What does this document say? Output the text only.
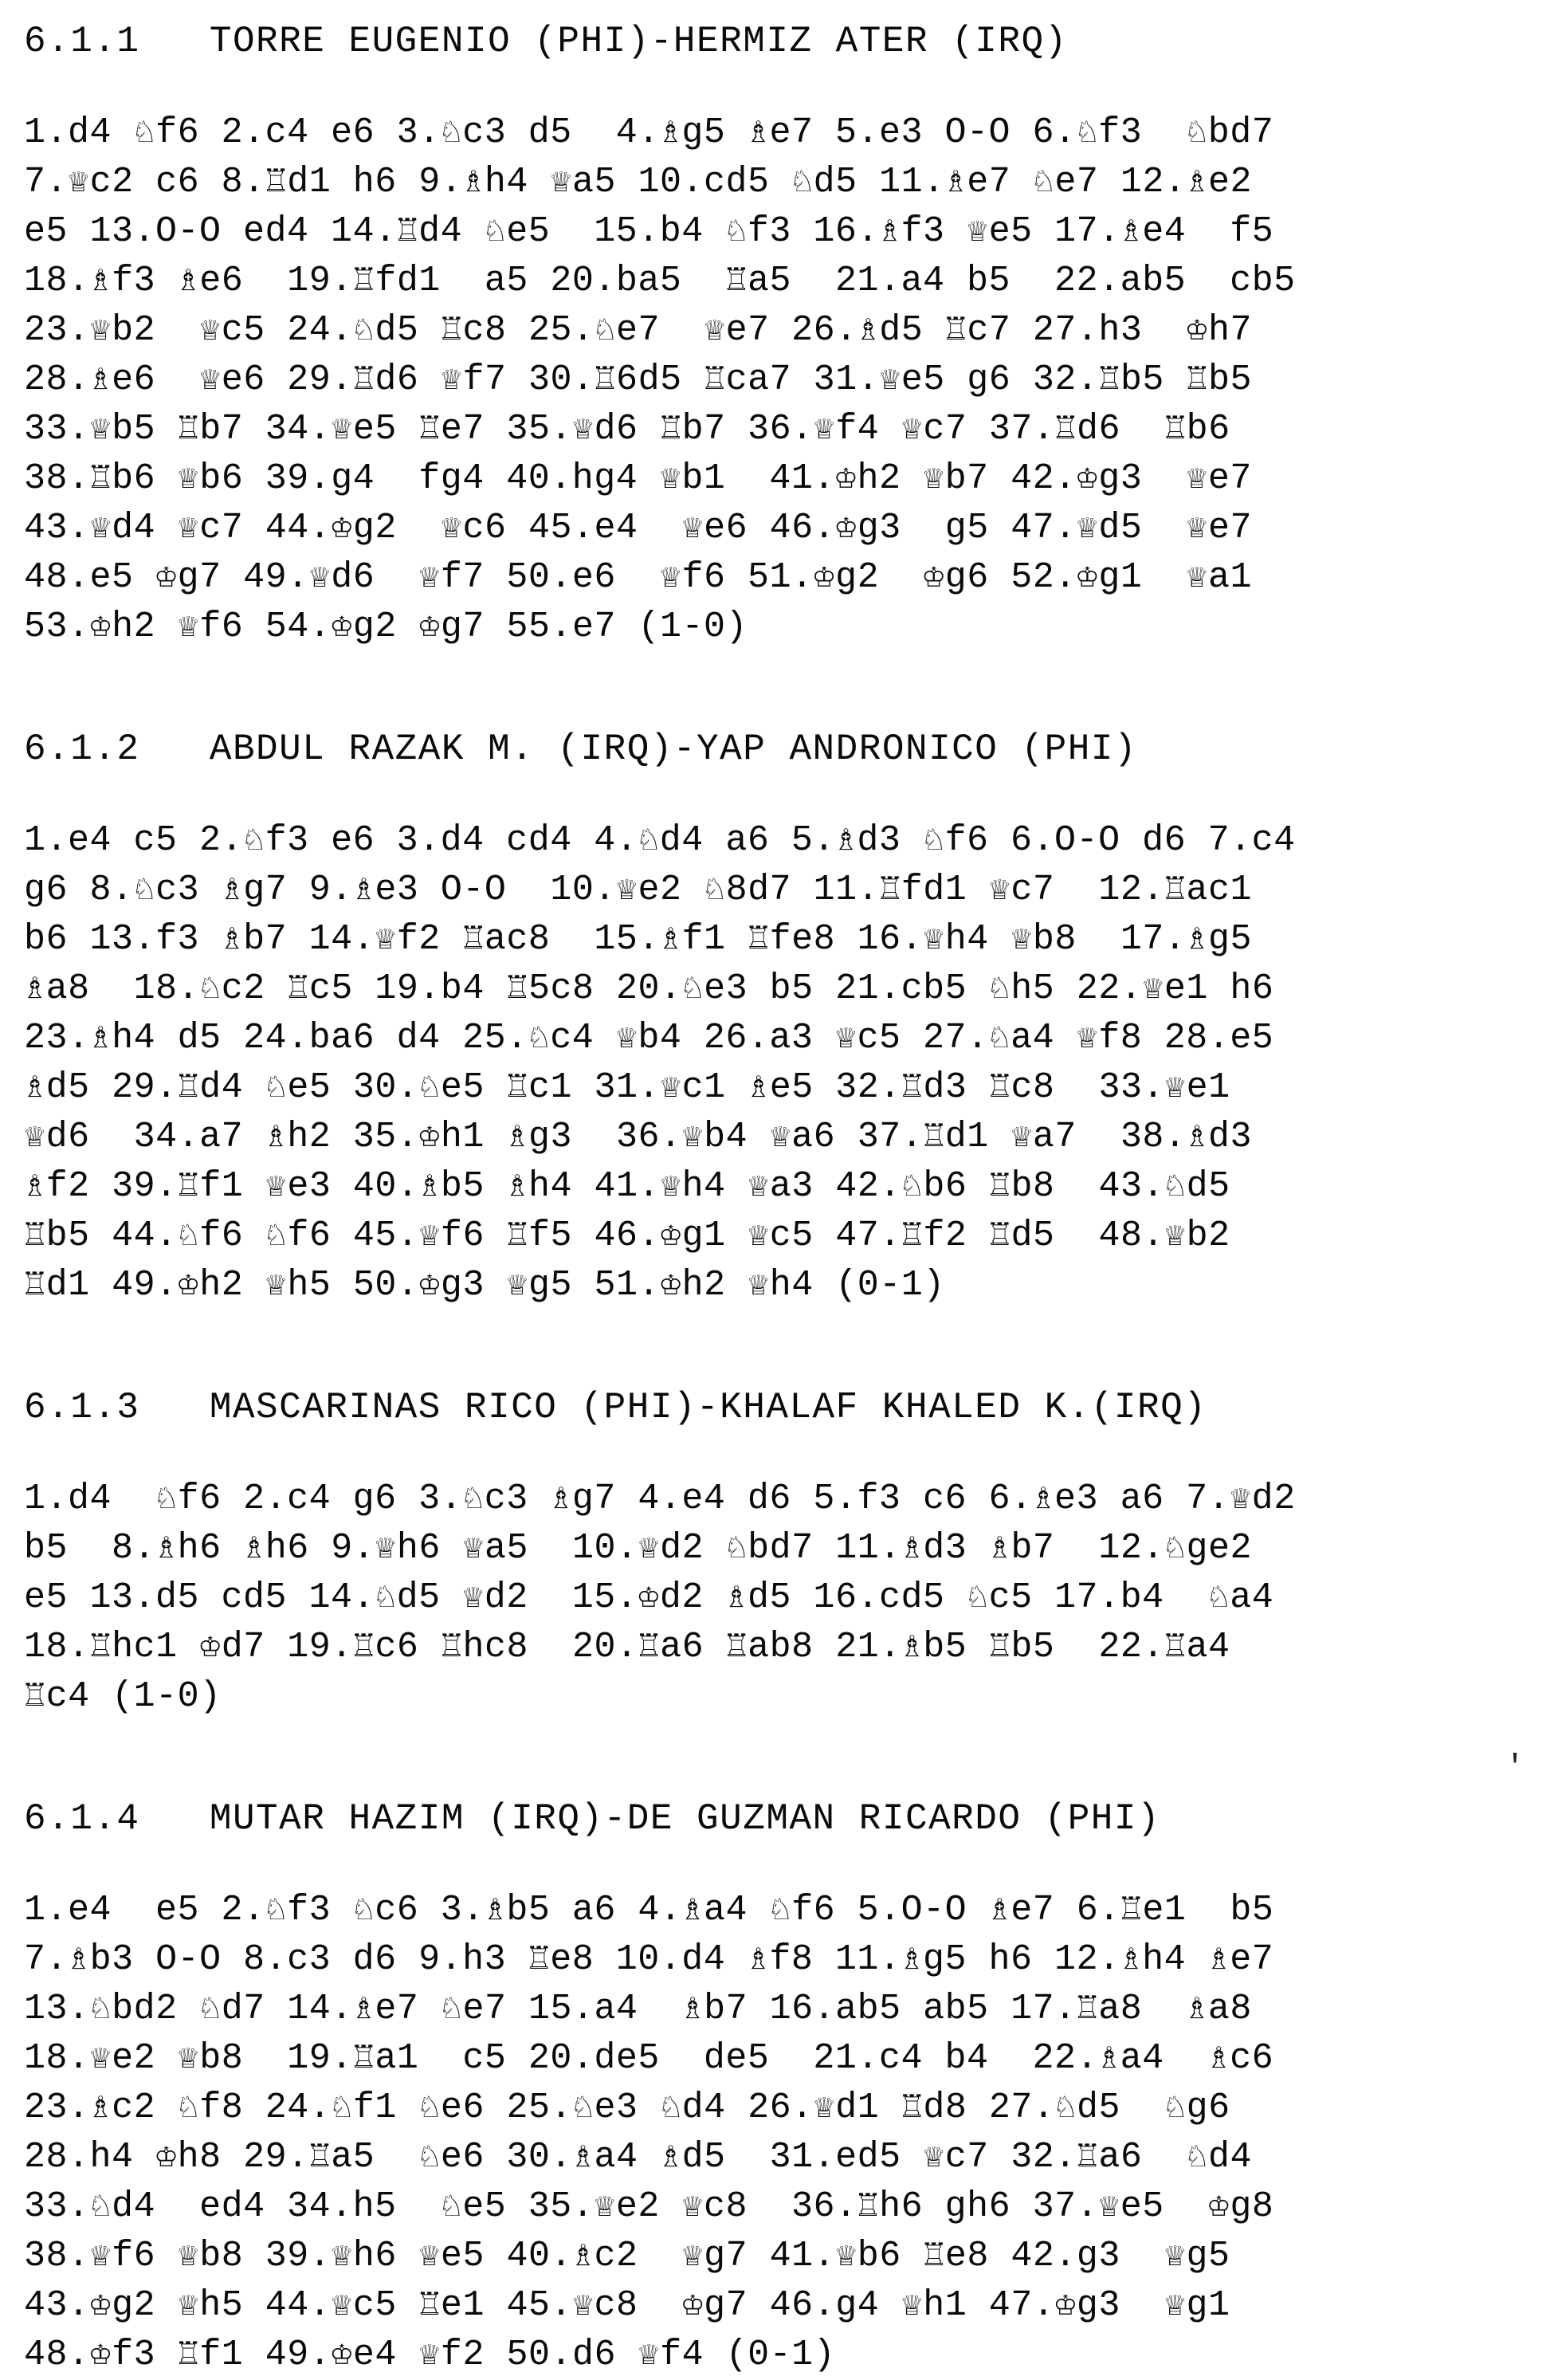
6.1.1   TORRE EUGENIO (PHI)-HERMIZ ATER (IRQ)
1.d4 ♘f6 2.c4 e6 3.♘c3 d5  4.♗g5 ♗e7 5.e3 O-O 6.♘f3  ♘bd7
7.♕c2 c6 8.♖d1 h6 9.♗h4 ♕a5 10.cd5 ♘d5 11.♗e7 ♘e7 12.♗e2
e5 13.O-O ed4 14.♖d4 ♘e5  15.b4 ♘f3 16.♗f3 ♕e5 17.♗e4  f5
18.♗f3 ♗e6  19.♖fd1  a5 20.ba5  ♖a5  21.a4 b5  22.ab5  cb5
23.♕b2  ♕c5 24.♘d5 ♖c8 25.♘e7  ♕e7 26.♗d5 ♖c7 27.h3  ♔h7
28.♗e6  ♕e6 29.♖d6 ♕f7 30.♖6d5 ♖ca7 31.♕e5 g6 32.♖b5 ♖b5
33.♕b5 ♖b7 34.♕e5 ♖e7 35.♕d6 ♖b7 36.♕f4 ♕c7 37.♖d6  ♖b6
38.♖b6 ♕b6 39.g4  fg4 40.hg4 ♕b1  41.♔h2 ♕b7 42.♔g3  ♕e7
43.♕d4 ♕c7 44.♔g2  ♕c6 45.e4  ♕e6 46.♔g3  g5 47.♕d5  ♕e7
48.e5 ♔g7 49.♕d6  ♕f7 50.e6  ♕f6 51.♔g2  ♔g6 52.♔g1  ♕a1
53.♔h2 ♕f6 54.♔g2 ♔g7 55.e7 (1-0)
6.1.2   ABDUL RAZAK M. (IRQ)-YAP ANDRONICO (PHI)
1.e4 c5 2.♘f3 e6 3.d4 cd4 4.♘d4 a6 5.♗d3 ♘f6 6.O-O d6 7.c4
g6 8.♘c3 ♗g7 9.♗e3 O-O  10.♕e2 ♘8d7 11.♖fd1 ♕c7  12.♖ac1
b6 13.f3 ♗b7 14.♕f2 ♖ac8  15.♗f1 ♖fe8 16.♕h4 ♕b8  17.♗g5
♗a8  18.♘c2 ♖c5 19.b4 ♖5c8 20.♘e3 b5 21.cb5 ♘h5 22.♕e1 h6
23.♗h4 d5 24.ba6 d4 25.♘c4 ♕b4 26.a3 ♕c5 27.♘a4 ♕f8 28.e5
♗d5 29.♖d4 ♘e5 30.♘e5 ♖c1 31.♕c1 ♗e5 32.♖d3 ♖c8  33.♕e1
♕d6  34.a7 ♗h2 35.♔h1 ♗g3  36.♕b4 ♕a6 37.♖d1 ♕a7  38.♗d3
♗f2 39.♖f1 ♕e3 40.♗b5 ♗h4 41.♕h4 ♕a3 42.♘b6 ♖b8  43.♘d5
♖b5 44.♘f6 ♘f6 45.♕f6 ♖f5 46.♔g1 ♕c5 47.♖f2 ♖d5  48.♕b2
♖d1 49.♔h2 ♕h5 50.♔g3 ♕g5 51.♔h2 ♕h4 (0-1)
6.1.3   MASCARINAS RICO (PHI)-KHALAF KHALED K.(IRQ)
1.d4  ♘f6 2.c4 g6 3.♘c3 ♗g7 4.e4 d6 5.f3 c6 6.♗e3 a6 7.♕d2
b5  8.♗h6 ♗h6 9.♕h6 ♕a5  10.♕d2 ♘bd7 11.♗d3 ♗b7  12.♘ge2
e5 13.d5 cd5 14.♘d5 ♕d2  15.♔d2 ♗d5 16.cd5 ♘c5 17.b4  ♘a4
18.♖hc1 ♔d7 19.♖c6 ♖hc8  20.♖a6 ♖ab8 21.♗b5 ♖b5  22.♖a4
♖c4 (1-0)
6.1.4   MUTAR HAZIM (IRQ)-DE GUZMAN RICARDO (PHI)
1.e4  e5 2.♘f3 ♘c6 3.♗b5 a6 4.♗a4 ♘f6 5.O-O ♗e7 6.♖e1  b5
7.♗b3 O-O 8.c3 d6 9.h3 ♖e8 10.d4 ♗f8 11.♗g5 h6 12.♗h4 ♗e7
13.♘bd2 ♘d7 14.♗e7 ♘e7 15.a4  ♗b7 16.ab5 ab5 17.♖a8  ♗a8
18.♕e2 ♕b8  19.♖a1  c5 20.de5  de5  21.c4 b4  22.♗a4  ♗c6
23.♗c2 ♘f8 24.♘f1 ♘e6 25.♘e3 ♘d4 26.♕d1 ♖d8 27.♘d5  ♘g6
28.h4 ♔h8 29.♖a5  ♘e6 30.♗a4 ♗d5  31.ed5 ♕c7 32.♖a6  ♘d4
33.♘d4  ed4 34.h5  ♘e5 35.♕e2 ♕c8  36.♖h6 gh6 37.♕e5  ♔g8
38.♕f6 ♕b8 39.♕h6 ♕e5 40.♗c2  ♕g7 41.♕b6 ♖e8 42.g3  ♕g5
43.♔g2 ♕h5 44.♕c5 ♖e1 45.♕c8  ♔g7 46.g4 ♕h1 47.♔g3  ♕g1
48.♔f3 ♖f1 49.♔e4 ♕f2 50.d6 ♕f4 (0-1)
'
